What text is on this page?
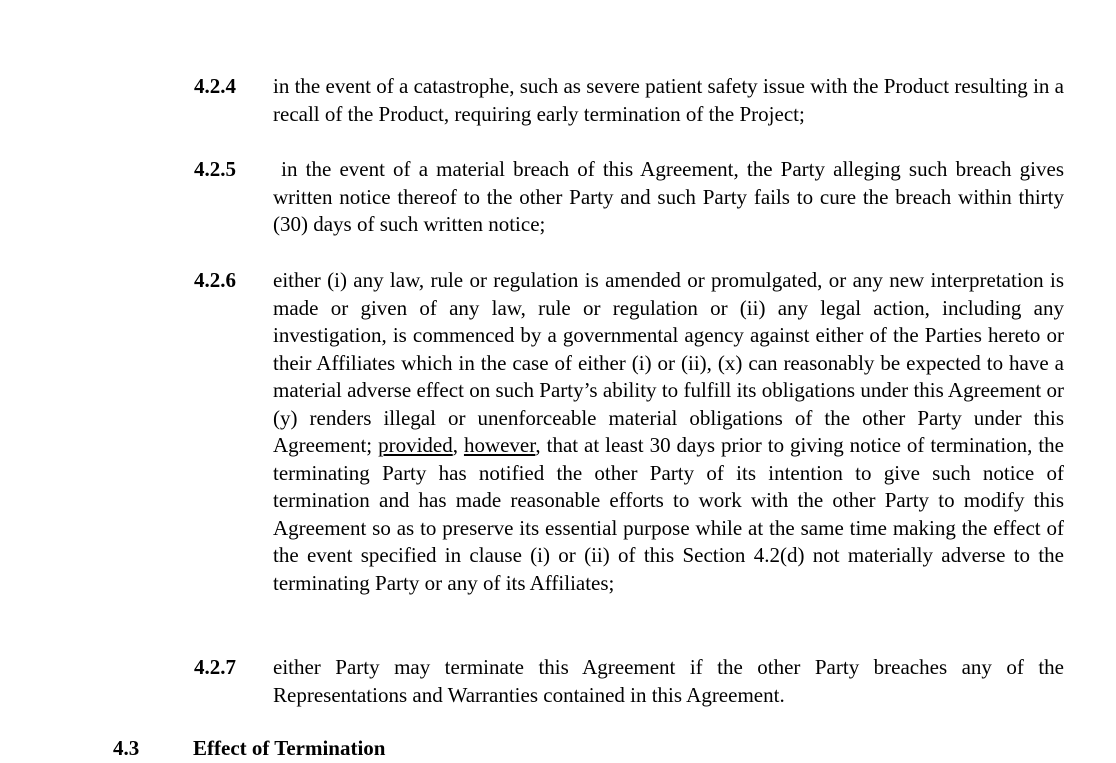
4.2.4 in the event of a catastrophe, such as severe patient safety issue with the Product resulting in a recall of the Product, requiring early termination of the Project;
4.2.5	in the event of a material breach of this Agreement, the Party alleging such breach gives written notice thereof to the other Party and such Party fails to cure the breach within thirty (30) days of such written notice;
4.2.6 either (i) any law, rule or regulation is amended or promulgated, or any new interpretation is made or given of any law, rule or regulation or (ii) any legal action, including any investigation, is commenced by a governmental agency against either of the Parties hereto or their Affiliates which in the case of either (i) or (ii), (x) can reasonably be expected to have a material adverse effect on such Party’s ability to fulfill its obligations under this Agreement or (y) renders illegal or unenforceable material obligations of the other Party under this Agreement; provided, however, that at least 30 days prior to giving notice of termination, the terminating Party has notified the other Party of its intention to give such notice of termination and has made reasonable efforts to work with the other Party to modify this Agreement so as to preserve its essential purpose while at the same time making the effect of the event specified in clause (i) or (ii) of this Section 4.2(d) not materially adverse to the terminating Party or any of its Affiliates;
4.2.7 either Party may terminate this Agreement if the other Party breaches any of the Representations and Warranties contained in this Agreement.
4.3	Effect of Termination
